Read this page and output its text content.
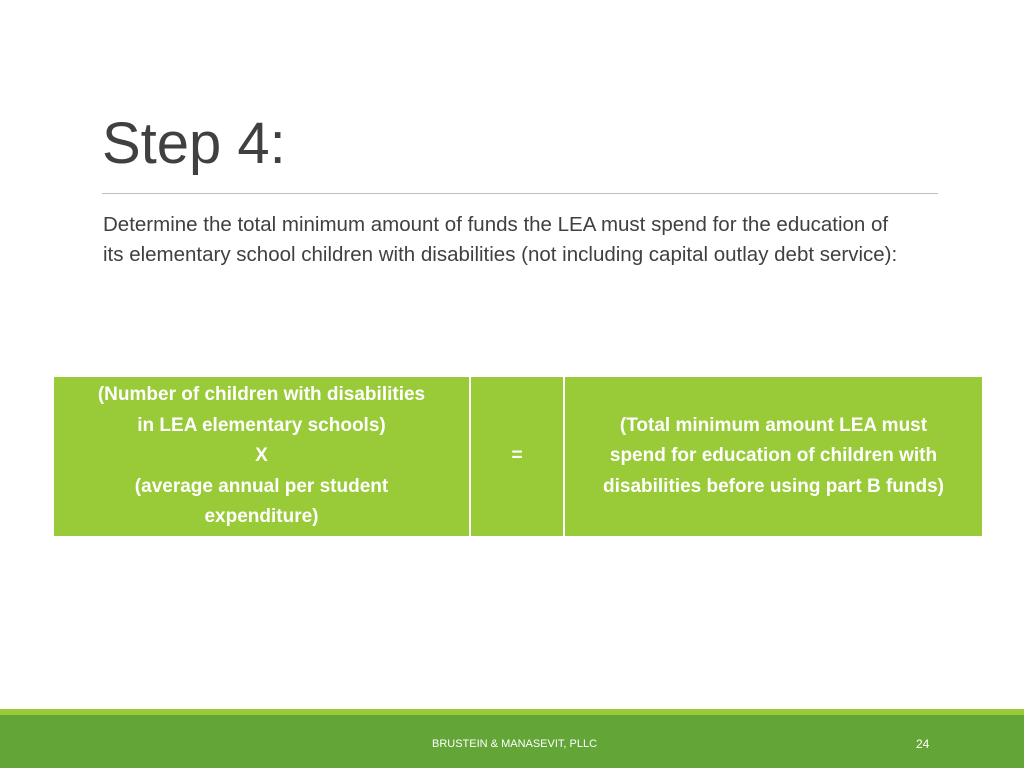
Step 4:

Determine the total minimum amount of funds the LEA must spend for the education of its elementary school children with disabilities (not including capital outlay debt service):

(Number of children with disabilities
in LEA elementary schools)
X
(average annual per student
expenditure)	=	(Total minimum amount LEA must
spend for education of children with
disabilities before using part B funds)
BRUSTEIN & MANASEVIT, PLLC	24
